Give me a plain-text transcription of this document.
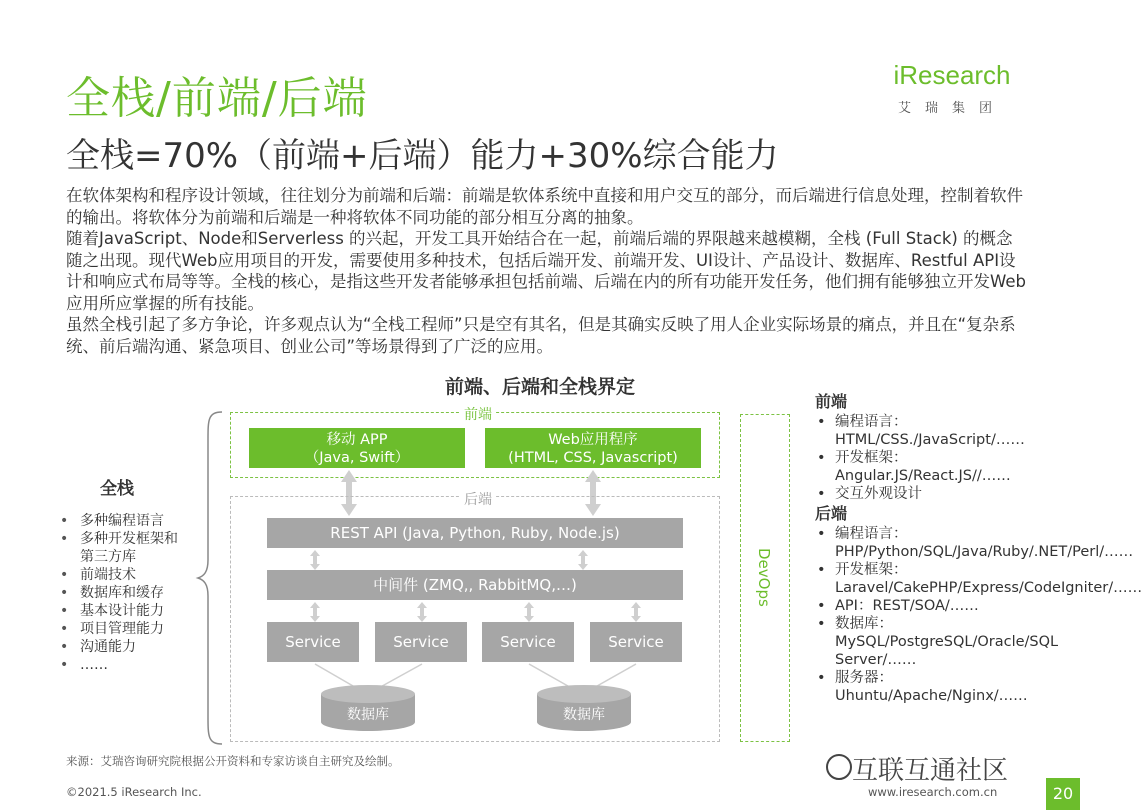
全栈/前端/后端
全栈=70%（前端+后端）能力+30%综合能力
iResearch
艾瑞集团

在软体架构和程序设计领域，往往划分为前端和后端：前端是软体系统中直接和用户交互的部分，而后端进行信息处理，控制着软件的输出。将软体分为前端和后端是一种将软体不同功能的部分相互分离的抽象。

随着JavaScript、Node和Serverless 的兴起，开发工具开始结合在一起，前端后端的界限越来越模糊，全栈 (Full Stack) 的概念随之出现。现代Web应用项目的开发，需要使用多种技术，包括后端开发、前端开发、UI设计、产品设计、数据库、Restful API设计和响应式布局等等。全栈的核心，是指这些开发者能够承担包括前端、后端在内的所有功能开发任务，他们拥有能够独立开发Web应用所应掌握的所有技能。

虽然全栈引起了多方争论，许多观点认为“全栈工程师”只是空有其名，但是其确实反映了用人企业实际场景的痛点，并且在“复杂系统、前后端沟通、紧急项目、创业公司”等场景得到了广泛的应用。

前端、后端和全栈界定
全栈
• 多种编程语言
• 多种开发框架和第三方库
• 前端技术
• 数据库和缓存
• 基本设计能力
• 项目管理能力
• 沟通能力
• ……
前端
移动 APP
（Java, Swift）
Web应用程序
(HTML, CSS, Javascript)
后端
REST API (Java, Python, Ruby, Node.js)
中间件 (ZMQ,, RabbitMQ,…)
Service	Service	Service	Service
数据库	数据库
DevOps
前端
• 编程语言：HTML/CSS./JavaScript/……
• 开发框架：Angular.JS/React.JS//……
• 交互外观设计
后端
• 编程语言：PHP/Python/SQL/Java/Ruby/.NET/Perl/……
• 开发框架：Laravel/CakePHP/Express/CodeIgniter/……
• API：REST/SOA/……
• 数据库：MySQL/PostgreSQL/Oracle/SQL Server/……
• 服务器：Uhuntu/Apache/Nginx/……
来源：艾瑞咨询研究院根据公开资料和专家访谈自主研究及绘制。
©2021.5 iResearch Inc.	www.iresearch.com.cn
互联互通社区
20
